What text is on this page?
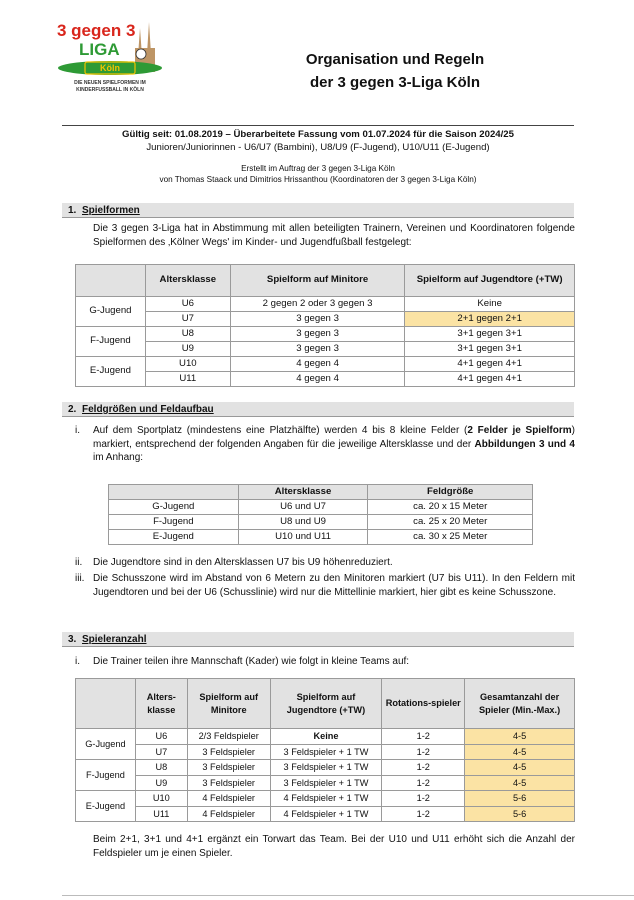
3 gegen 3
LIGA
Köln
DIE NEUEN SPIELFORMEN IM
KINDERFUSSBALL IN KÖLN
Organisation und Regeln
der 3 gegen 3-Liga Köln
Gültig seit: 01.08.2019 – Überarbeitete Fassung vom 01.07.2024 für die Saison 2024/25
Junioren/Juniorinnen - U6/U7 (Bambini), U8/U9 (F-Jugend), U10/U11 (E-Jugend)
Erstellt im Auftrag der 3 gegen 3-Liga Köln
von Thomas Staack und Dimitrios Hrissanthou (Koordinatoren der 3 gegen 3-Liga Köln)
1. Spielformen
Die 3 gegen 3-Liga hat in Abstimmung mit allen beteiligten Trainern, Vereinen und Koordinatoren folgende Spielformen des ‚Kölner Wegs' im Kinder- und Jugendfußball festgelegt:
	Altersklasse	Spielform auf Minitore	Spielform auf Jugendtore (+TW)
G-Jugend	U6	2 gegen 2 oder 3 gegen 3	Keine
	U7	3 gegen 3	2+1 gegen 2+1
F-Jugend	U8	3 gegen 3	3+1 gegen 3+1
	U9	3 gegen 3	3+1 gegen 3+1
E-Jugend	U10	4 gegen 4	4+1 gegen 4+1
	U11	4 gegen 4	4+1 gegen 4+1
2. Feldgrößen und Feldaufbau
i. Auf dem Sportplatz (mindestens eine Platzhälfte) werden 4 bis 8 kleine Felder (2 Felder je Spielform) markiert, entsprechend der folgenden Angaben für die jeweilige Altersklasse und der Abbildungen 3 und 4 im Anhang:
	Altersklasse	Feldgröße
G-Jugend	U6 und U7	ca. 20 x 15 Meter
F-Jugend	U8 und U9	ca. 25 x 20 Meter
E-Jugend	U10 und U11	ca. 30 x 25 Meter
ii. Die Jugendtore sind in den Altersklassen U7 bis U9 höhenreduziert.
iii. Die Schusszone wird im Abstand von 6 Metern zu den Minitoren markiert (U7 bis U11). In den Feldern mit Jugendtoren und bei der U6 (Schusslinie) wird nur die Mittellinie markiert, hier gibt es keine Schusszone.
3. Spieleranzahl
i. Die Trainer teilen ihre Mannschaft (Kader) wie folgt in kleine Teams auf:
	Alters-klasse	Spielform auf Minitore	Spielform auf Jugendtore (+TW)	Rotations-spieler	Gesamtanzahl der Spieler (Min.-Max.)
G-Jugend	U6	2/3 Feldspieler	Keine	1-2	4-5
	U7	3 Feldspieler	3 Feldspieler + 1 TW	1-2	4-5
F-Jugend	U8	3 Feldspieler	3 Feldspieler + 1 TW	1-2	4-5
	U9	3 Feldspieler	3 Feldspieler + 1 TW	1-2	4-5
E-Jugend	U10	4 Feldspieler	4 Feldspieler + 1 TW	1-2	5-6
	U11	4 Feldspieler	4 Feldspieler + 1 TW	1-2	5-6
Beim 2+1, 3+1 und 4+1 ergänzt ein Torwart das Team. Bei der U10 und U11 erhöht sich die Anzahl der Feldspieler um je einen Spieler.
